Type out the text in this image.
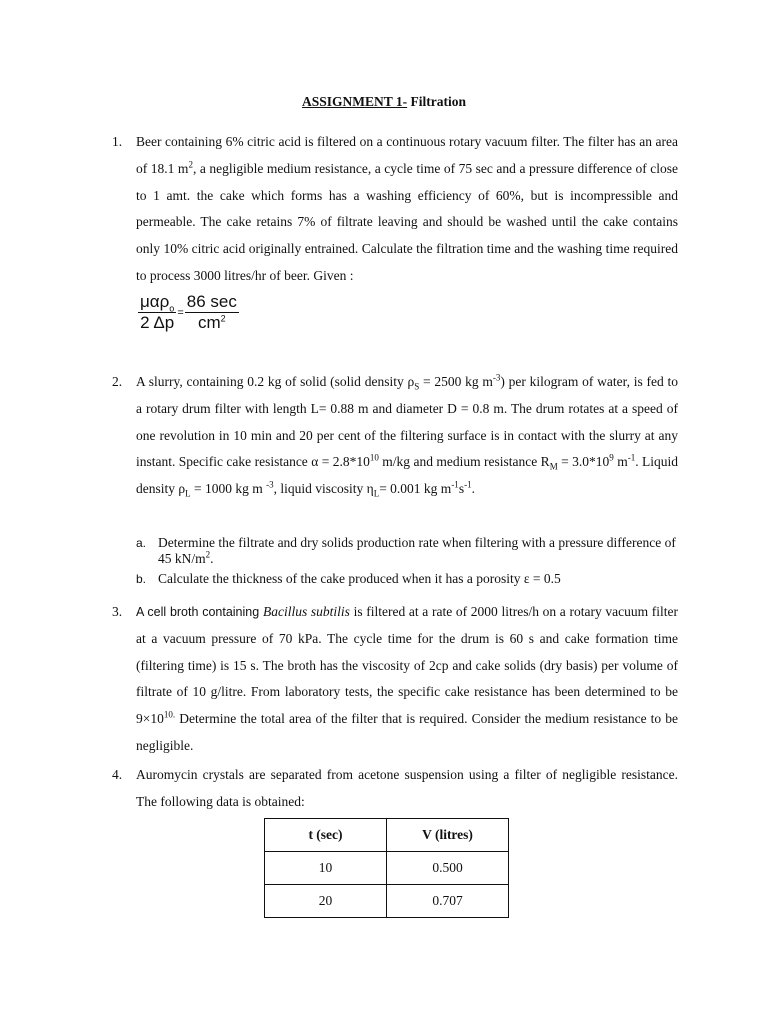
ASSIGNMENT 1- Filtration
1. Beer containing 6% citric acid is filtered on a continuous rotary vacuum filter. The filter has an area of 18.1 $m^2$, a negligible medium resistance, a cycle time of 75 sec and a pressure difference of close to 1 amt. the cake which forms has a washing efficiency of 60%, but is incompressible and permeable. The cake retains 7% of filtrate leaving and should be washed until the cake contains only 10% citric acid originally entrained. Calculate the filtration time and the washing time required to process 3000 litres/hr of beer. Given :
$\frac{\mu\alpha\rho_o}{2 \Delta p} = \frac{86 \sec}{cm^2}$
2. A slurry, containing 0.2 kg of solid (solid density $\rho_S = 2500$ kg $m^{-3}$) per kilogram of water, is fed to a rotary drum filter with length L= 0.88 m and diameter D = 0.8 m. The drum rotates at a speed of one revolution in 10 min and 20 per cent of the filtering surface is in contact with the slurry at any instant. Specific cake resistance $\alpha = 2.8*10^{10}$ m/kg and medium resistance $R_M = 3.0*10^9$ $m^{-1}$. Liquid density $\rho_L = 1000$ kg m $^{-3}$, liquid viscosity $\eta_L= 0.001$ kg $m^{-1}s^{-1}$.
a. Determine the filtrate and dry solids production rate when filtering with a pressure difference of 45 $kN/m^2$.
b. Calculate the thickness of the cake produced when it has a porosity ε = 0.5
3. A cell broth containing Bacillus subtilis is filtered at a rate of 2000 litres/h on a rotary vacuum filter at a vacuum pressure of 70 kPa. The cycle time for the drum is 60 s and cake formation time (filtering time) is 15 s. The broth has the viscosity of 2cp and cake solids (dry basis) per volume of filtrate of 10 g/litre. From laboratory tests, the specific cake resistance has been determined to be $9\times 10^{10.}$ Determine the total area of the filter that is required. Consider the medium resistance to be negligible.
4. Auromycin crystals are separated from acetone suspension using a filter of negligible resistance. The following data is obtained:
t (sec)	V (litres)
10	0.500
20	0.707
